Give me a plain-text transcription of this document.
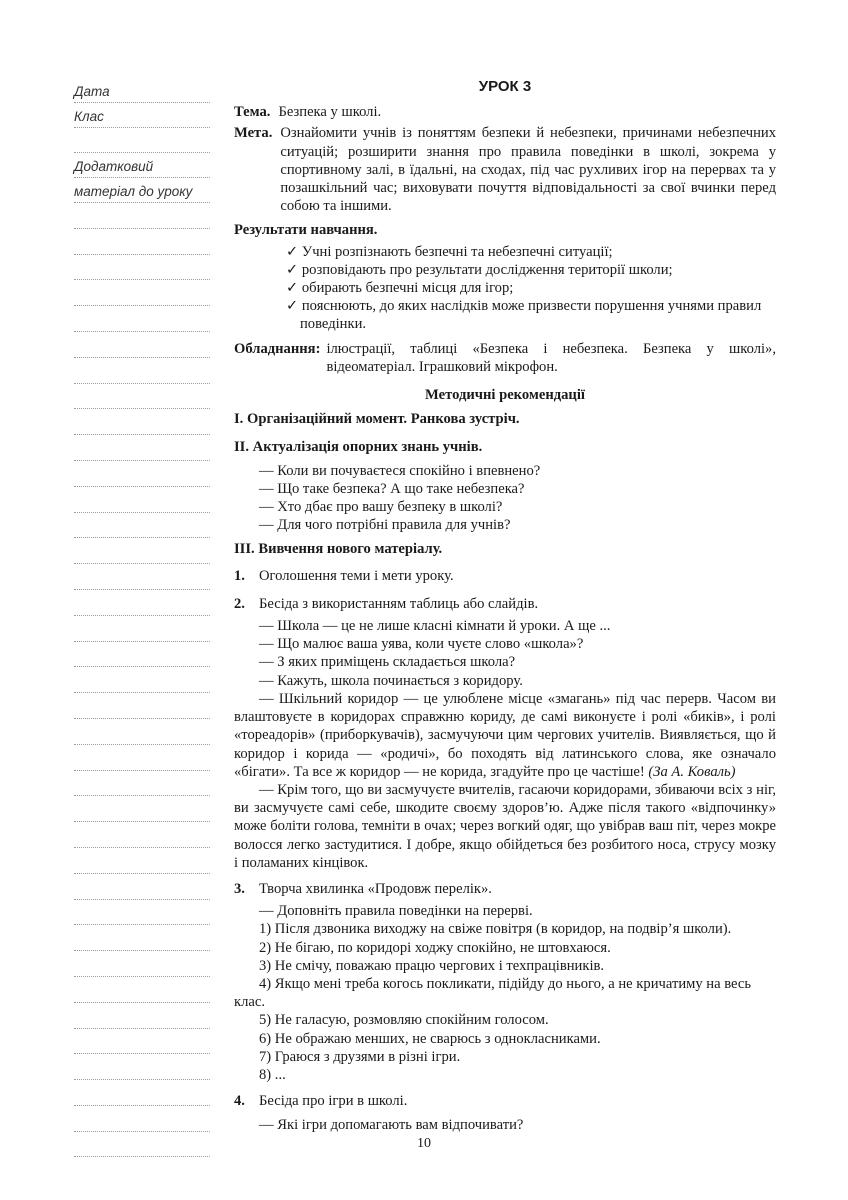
Дата
Клас
Додатковий
матеріал до уроку
УРОК 3
Тема. Безпека у школі.
Мета. Ознайомити учнів із поняттям безпеки й небезпеки, причинами небезпечних ситуацій; розширити знання про правила поведінки в школі, зокрема у спортивному залі, в їдальні, на сходах, під час рухливих ігор на перервах та у позашкільний час; виховувати почуття відповідальності за свої вчинки перед собою та іншими.
Результати навчання.
✓ Учні розпізнають безпечні та небезпечні ситуації;
✓ розповідають про результати дослідження території школи;
✓ обирають безпечні місця для ігор;
✓ пояснюють, до яких наслідків може призвести порушення учнями правил поведінки.
Обладнання: ілюстрації, таблиці «Безпека і небезпека. Безпека у школі», відеоматеріал. Іграшковий мікрофон.
Методичні рекомендації
I. Організаційний момент. Ранкова зустріч.
II. Актуалізація опорних знань учнів.
— Коли ви почуваєтеся спокійно і впевнено?
— Що таке безпека? А що таке небезпека?
— Хто дбає про вашу безпеку в школі?
— Для чого потрібні правила для учнів?
III. Вивчення нового матеріалу.
1. Оголошення теми і мети уроку.
2. Бесіда з використанням таблиць або слайдів.
— Школа — це не лише класні кімнати й уроки. А ще ...
— Що малює ваша уява, коли чуєте слово «школа»?
— З яких приміщень складається школа?
— Кажуть, школа починається з коридору.
— Шкільний коридор — це улюблене місце «змагань» під час перерв. Часом ви влаштовуєте в коридорах справжню кориду, де самі виконуєте і ролі «биків», і ролі «тореадорів» (приборкувачів), засмучуючи цим чергових учителів. Виявляється, що й коридор і корида — «родичі», бо походять від латинського слова, яке означало «бігати». Та все ж коридор — не корида, згадуйте про це частіше! (За А. Коваль)
— Крім того, що ви засмучуєте вчителів, гасаючи коридорами, збиваючи всіх з ніг, ви засмучуєте самі себе, шкодите своєму здоров’ю. Адже після такого «відпочинку» може боліти голова, темніти в очах; через вогкий одяг, що увібрав ваш піт, через мокре волосся легко застудитися. І добре, якщо обійдеться без розбитого носа, струсу мозку і поламаних кінцівок.
3. Творча хвилинка «Продовж перелік».
— Доповніть правила поведінки на перерві.
1) Після дзвоника виходжу на свіже повітря (в коридор, на подвір’я школи).
2) Не бігаю, по коридорі ходжу спокійно, не штовхаюся.
3) Не смічу, поважаю працю чергових і техпрацівників.
4) Якщо мені треба когось покликати, підійду до нього, а не кричатиму на весь клас.
5) Не галасую, розмовляю спокійним голосом.
6) Не ображаю менших, не сварюсь з однокласниками.
7) Граюся з друзями в різні ігри.
8) ...
4. Бесіда про ігри в школі.
— Які ігри допомагають вам відпочивати?
10
